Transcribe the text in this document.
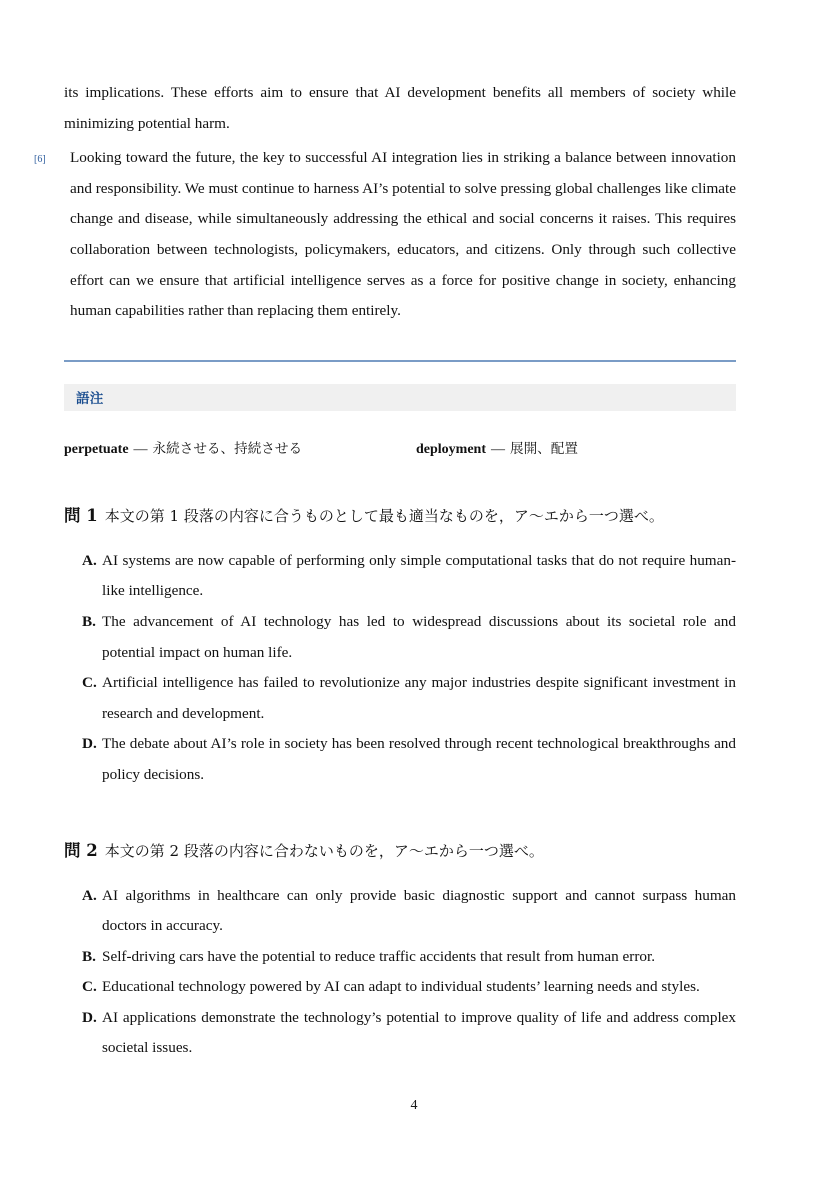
its implications. These efforts aim to ensure that AI development benefits all members of society while minimizing potential harm.

[6] Looking toward the future, the key to successful AI integration lies in striking a balance between innovation and responsibility. We must continue to harness AI’s potential to solve pressing global challenges like climate change and disease, while simultaneously addressing the ethical and social concerns it raises. This requires collaboration between technologists, policymakers, educators, and citizens. Only through such collective effort can we ensure that artificial intelligence serves as a force for positive change in society, enhancing human capabilities rather than replacing them entirely.

語注
perpetuate — 永続させる、持続させる	deployment — 展開、配置
問 1 本文の第 1 段落の内容に合うものとして最も適当なものを，ア～エから一つ選べ。
A. AI systems are now capable of performing only simple computational tasks that do not require human-like intelligence.
B. The advancement of AI technology has led to widespread discussions about its societal role and potential impact on human life.
C. Artificial intelligence has failed to revolutionize any major industries despite significant investment in research and development.
D. The debate about AI’s role in society has been resolved through recent technological breakthroughs and policy decisions.
問 2 本文の第 2 段落の内容に合わないものを，ア～エから一つ選べ。
A. AI algorithms in healthcare can only provide basic diagnostic support and cannot surpass human doctors in accuracy.
B. Self-driving cars have the potential to reduce traffic accidents that result from human error.
C. Educational technology powered by AI can adapt to individual students’ learning needs and styles.
D. AI applications demonstrate the technology’s potential to improve quality of life and address complex societal issues.
4
